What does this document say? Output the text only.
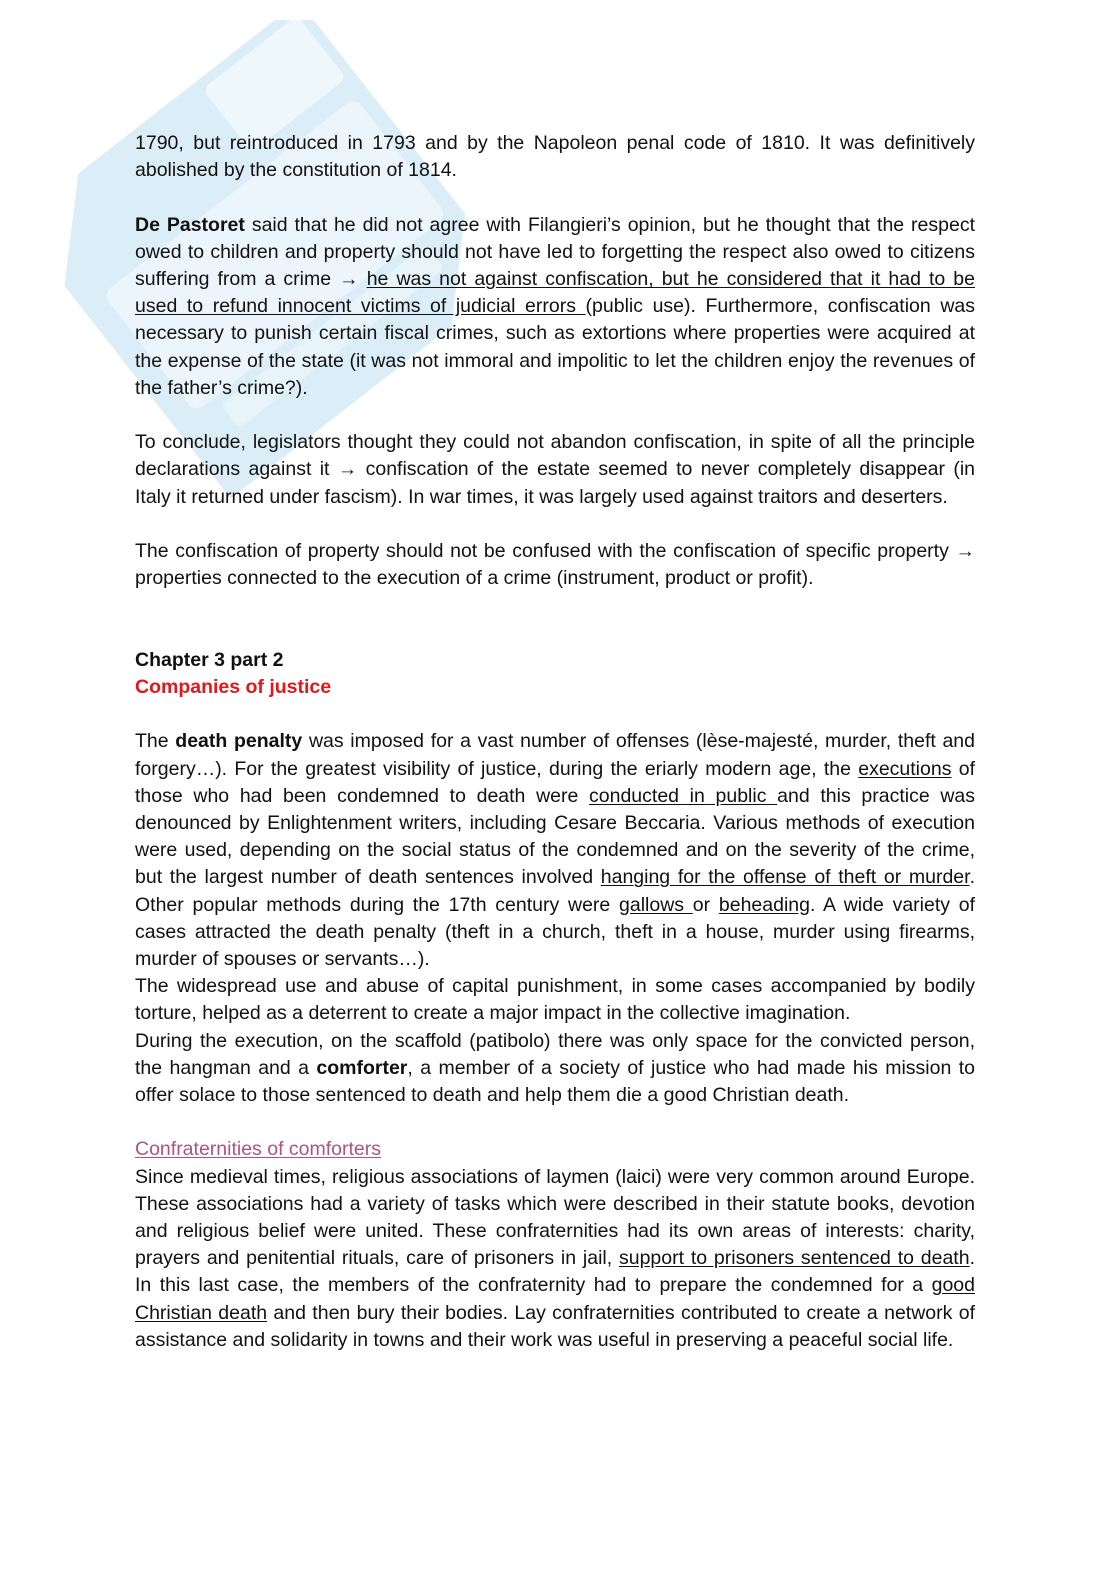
1790, but reintroduced in 1793 and by the Napoleon penal code of 1810. It was definitively abolished by the constitution of 1814.

De Pastoret said that he did not agree with Filangieri’s opinion, but he thought that the respect owed to children and property should not have led to forgetting the respect also owed to citizens suffering from a crime → he was not against confiscation, but he considered that it had to be used to refund innocent victims of judicial errors (public use). Furthermore, confiscation was necessary to punish certain fiscal crimes, such as extortions where properties were acquired at the expense of the state (it was not immoral and impolitic to let the children enjoy the revenues of the father’s crime?).

To conclude, legislators thought they could not abandon confiscation, in spite of all the principle declarations against it → confiscation of the estate seemed to never completely disappear (in Italy it returned under fascism). In war times, it was largely used against traitors and deserters.

The confiscation of property should not be confused with the confiscation of specific property → properties connected to the execution of a crime (instrument, product or profit).

Chapter 3 part 2

Companies of justice

The death penalty was imposed for a vast number of offenses (lèse-majesté, murder, theft and forgery…). For the greatest visibility of justice, during the eriarly modern age, the executions of those who had been condemned to death were conducted in public and this practice was denounced by Enlightenment writers, including Cesare Beccaria. Various methods of execution were used, depending on the social status of the condemned and on the severity of the crime, but the largest number of death sentences involved hanging for the offense of theft or murder. Other popular methods during the 17th century were gallows or beheading. A wide variety of cases attracted the death penalty (theft in a church, theft in a house, murder using firearms, murder of spouses or servants…).

The widespread use and abuse of capital punishment, in some cases accompanied by bodily torture, helped as a deterrent to create a major impact in the collective imagination.

During the execution, on the scaffold (patibolo) there was only space for the convicted person, the hangman and a comforter, a member of a society of justice who had made his mission to offer solace to those sentenced to death and help them die a good Christian death.

Confraternities of comforters

Since medieval times, religious associations of laymen (laici) were very common around Europe. These associations had a variety of tasks which were described in their statute books, devotion and religious belief were united. These confraternities had its own areas of interests: charity, prayers and penitential rituals, care of prisoners in jail, support to prisoners sentenced to death. In this last case, the members of the confraternity had to prepare the condemned for a good Christian death and then bury their bodies. Lay confraternities contributed to create a network of assistance and solidarity in towns and their work was useful in preserving a peaceful social life.
